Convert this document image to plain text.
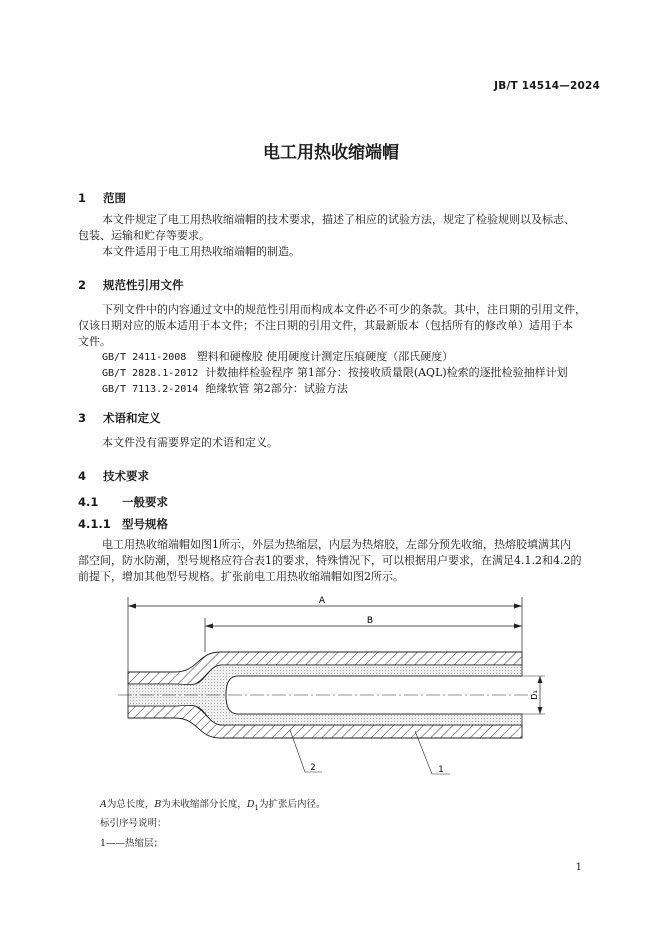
JB/T 14514—2024
电工用热收缩端帽
1 范围
本文件规定了电工用热收缩端帽的技术要求，描述了相应的试验方法，规定了检验规则以及标志、
包装、运输和贮存等要求。
本文件适用于电工用热收缩端帽的制造。
2 规范性引用文件
下列文件中的内容通过文中的规范性引用而构成本文件必不可少的条款。其中，注日期的引用文件，
仅该日期对应的版本适用于本文件；不注日期的引用文件，其最新版本（包括所有的修改单）适用于本
文件。
GB/T 2411-2008 塑料和硬橡胶 使用硬度计测定压痕硬度（邵氏硬度）
GB/T 2828.1-2012 计数抽样检验程序 第1部分：按接收质量限(AQL)检索的逐批检验抽样计划
GB/T 7113.2-2014 绝缘软管 第2部分：试验方法
3 术语和定义
本文件没有需要界定的术语和定义。
4 技术要求
4.1 一般要求
4.1.1 型号规格
电工用热收缩端帽如图1所示，外层为热缩层，内层为热熔胶，左部分预先收缩，热熔胶填满其内
部空间，防水防潮，型号规格应符合表1的要求，特殊情况下，可以根据用户要求，在满足4.1.2和4.2的
前提下，增加其他型号规格。扩张前电工用热收缩端帽如图2所示。
A
B
D₁
2	1
A为总长度，B为未收缩部分长度，$D_1$为扩张后内径。
标引序号说明：
1——热缩层；
1
